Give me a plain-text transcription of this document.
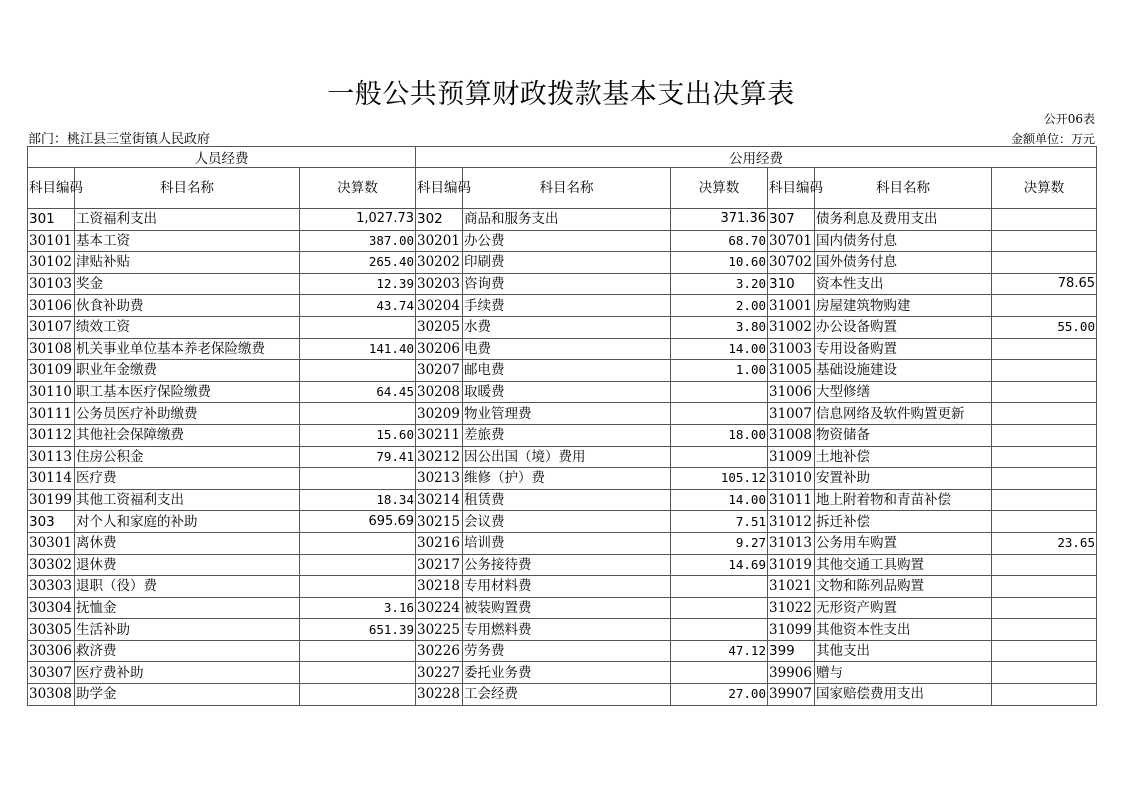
一般公共预算财政拨款基本支出决算表
公开06表
部门：桃江县三堂街镇人民政府	金额单位：万元
人员经费			公用经费					
科目编码	科目名称	决算数	科目编码	科目名称	决算数	科目编码	科目名称	决算数
301	工资福利支出	1,027.73	302	商品和服务支出	371.36	307	债务利息及费用支出	
30101	基本工资	387.00	30201	办公费	68.70	30701	国内债务付息	
30102	津贴补贴	265.40	30202	印刷费	10.60	30702	国外债务付息	
30103	奖金	12.39	30203	咨询费	3.20	310	资本性支出	78.65
30106	伙食补助费	43.74	30204	手续费	2.00	31001	房屋建筑物购建	
30107	绩效工资		30205	水费	3.80	31002	办公设备购置	55.00
30108	机关事业单位基本养老保险缴费	141.40	30206	电费	14.00	31003	专用设备购置	
30109	职业年金缴费		30207	邮电费	1.00	31005	基础设施建设	
30110	职工基本医疗保险缴费	64.45	30208	取暖费		31006	大型修缮	
30111	公务员医疗补助缴费		30209	物业管理费		31007	信息网络及软件购置更新	
30112	其他社会保障缴费	15.60	30211	差旅费	18.00	31008	物资储备	
30113	住房公积金	79.41	30212	因公出国（境）费用		31009	土地补偿	
30114	医疗费		30213	维修（护）费	105.12	31010	安置补助	
30199	其他工资福利支出	18.34	30214	租赁费	14.00	31011	地上附着物和青苗补偿	
303	对个人和家庭的补助	695.69	30215	会议费	7.51	31012	拆迁补偿	
30301	离休费		30216	培训费	9.27	31013	公务用车购置	23.65
30302	退休费		30217	公务接待费	14.69	31019	其他交通工具购置	
30303	退职（役）费		30218	专用材料费		31021	文物和陈列品购置	
30304	抚恤金	3.16	30224	被装购置费		31022	无形资产购置	
30305	生活补助	651.39	30225	专用燃料费		31099	其他资本性支出	
30306	救济费		30226	劳务费	47.12	399	其他支出	
30307	医疗费补助		30227	委托业务费		39906	赠与	
30308	助学金		30228	工会经费	27.00	39907	国家赔偿费用支出	
